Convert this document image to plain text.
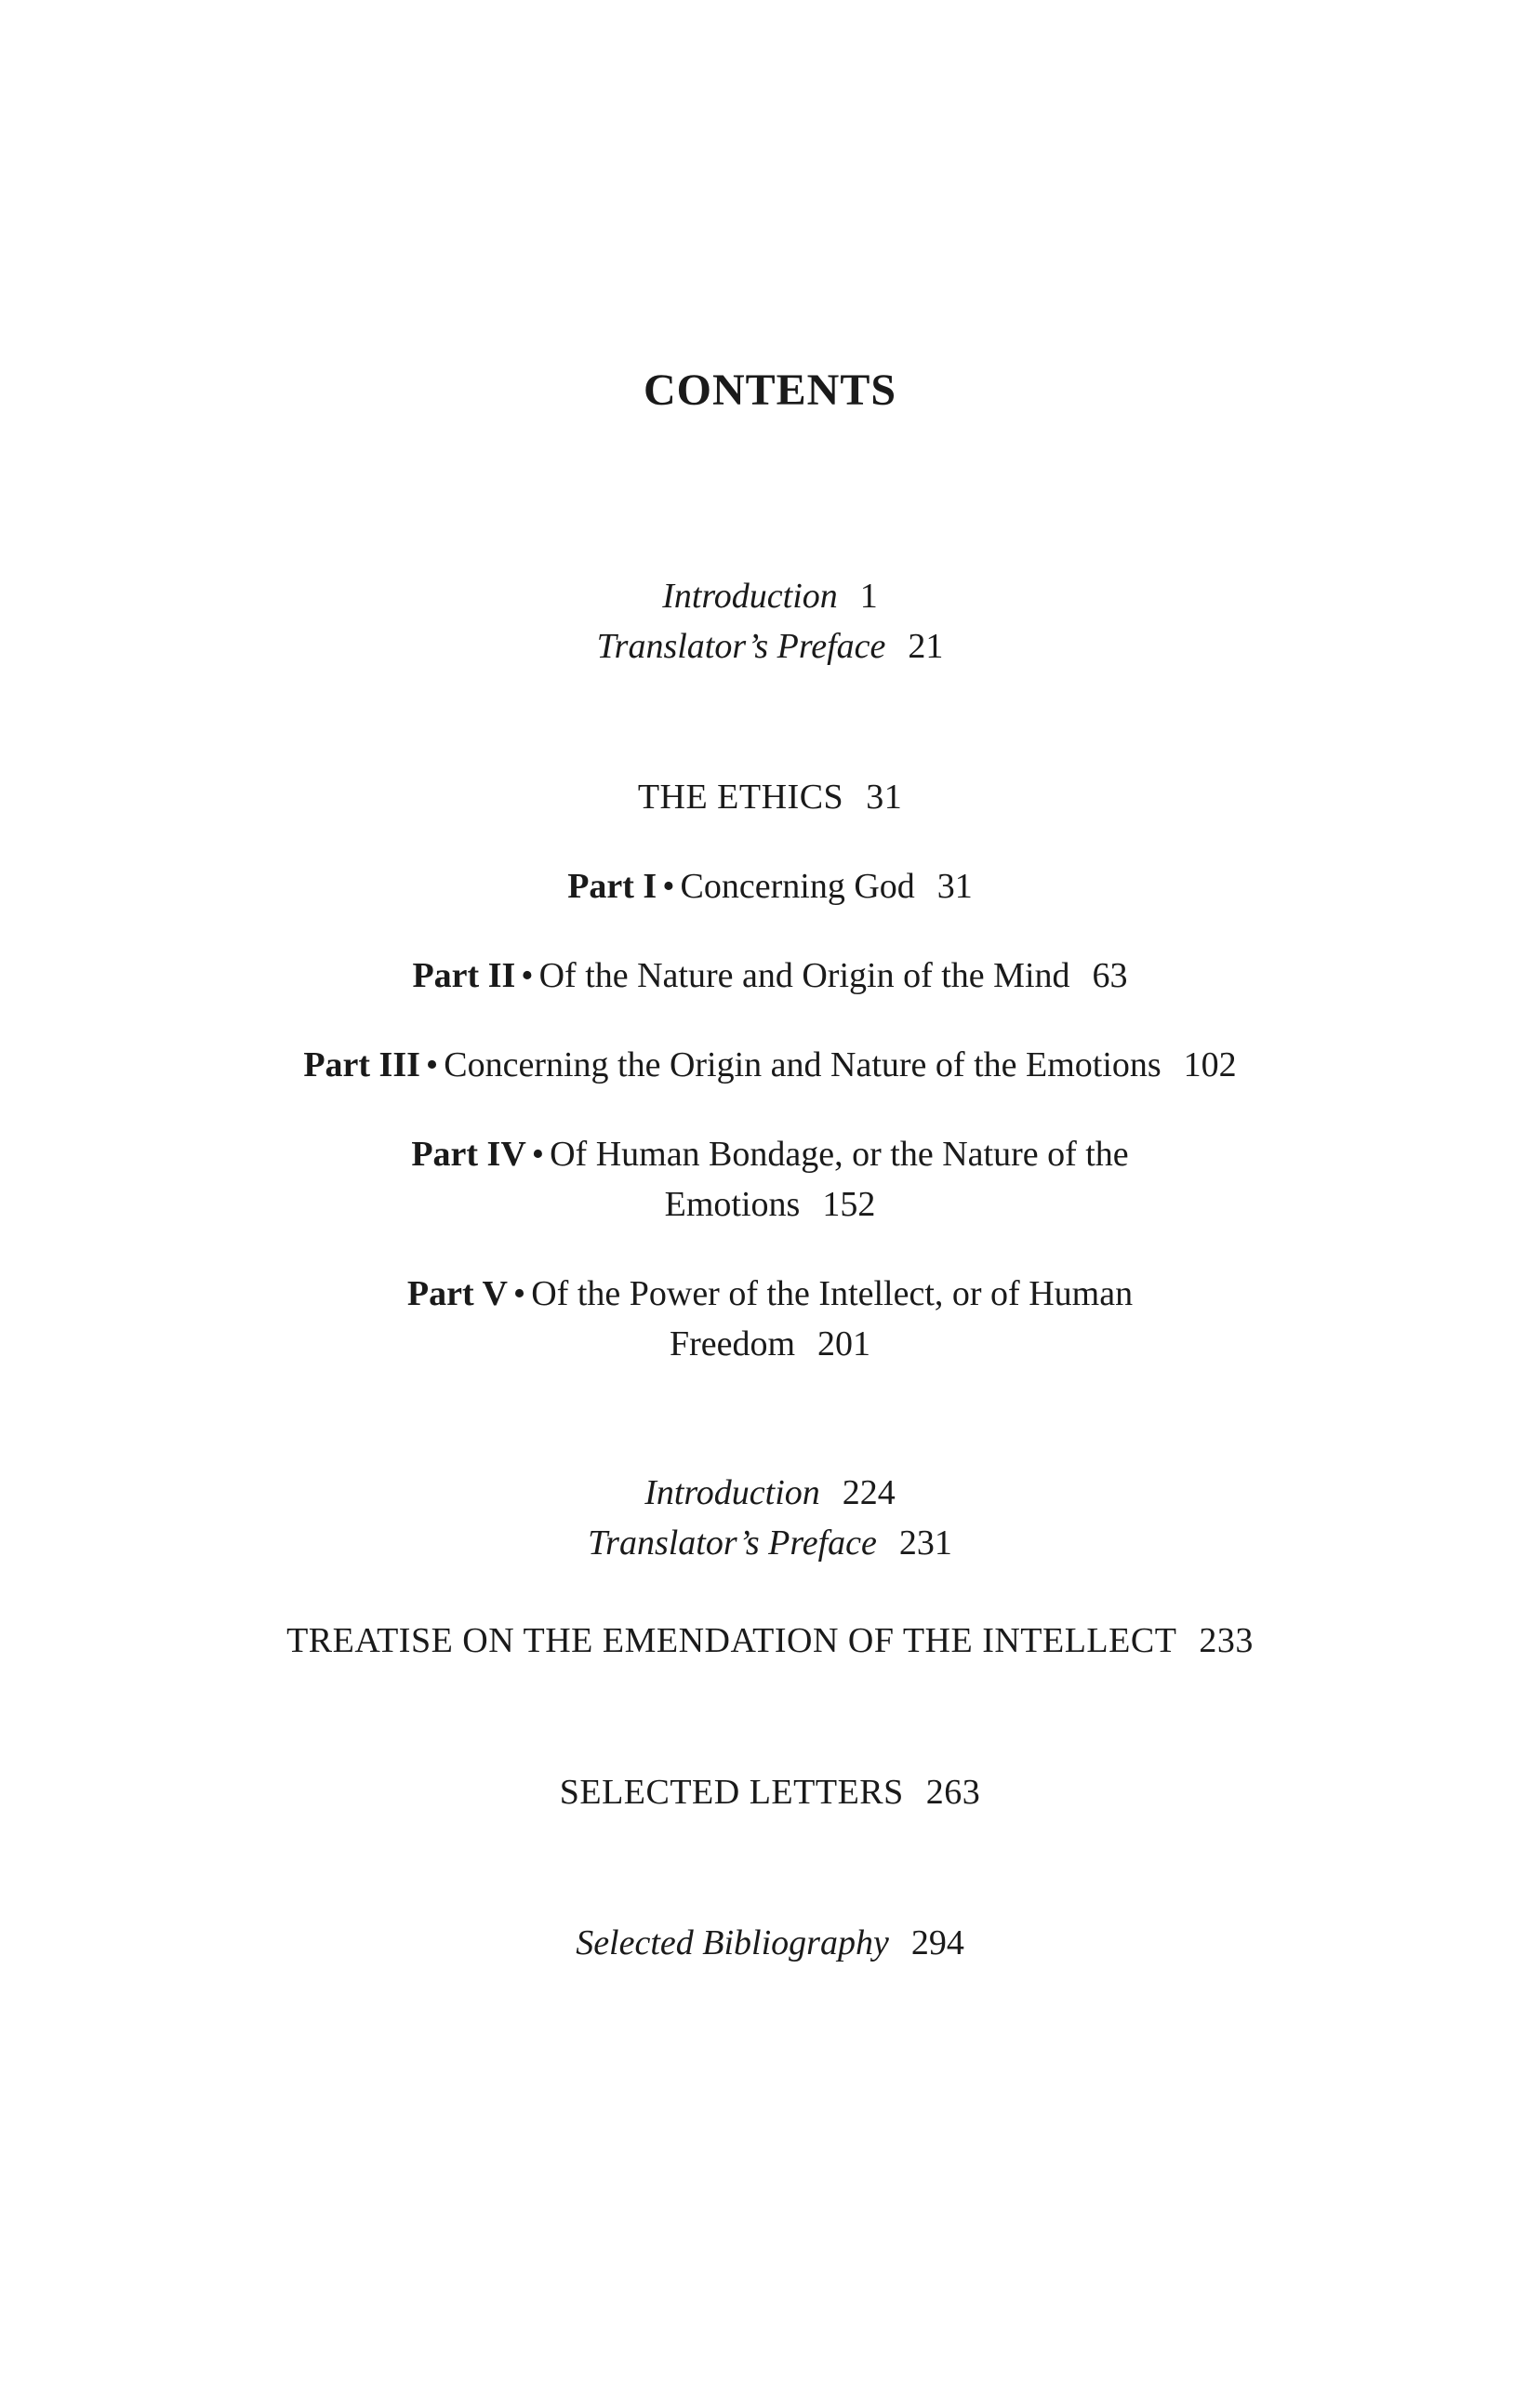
CONTENTS
Introduction 1
Translator’s Preface 21
THE ETHICS 31
Part I • Concerning God 31
Part II • Of the Nature and Origin of the Mind 63
Part III • Concerning the Origin and Nature of the Emotions 102
Part IV • Of Human Bondage, or the Nature of the
Emotions 152
Part V • Of the Power of the Intellect, or of Human
Freedom 201
Introduction 224
Translator’s Preface 231
TREATISE ON THE EMENDATION OF THE INTELLECT 233
SELECTED LETTERS 263
Selected Bibliography 294
